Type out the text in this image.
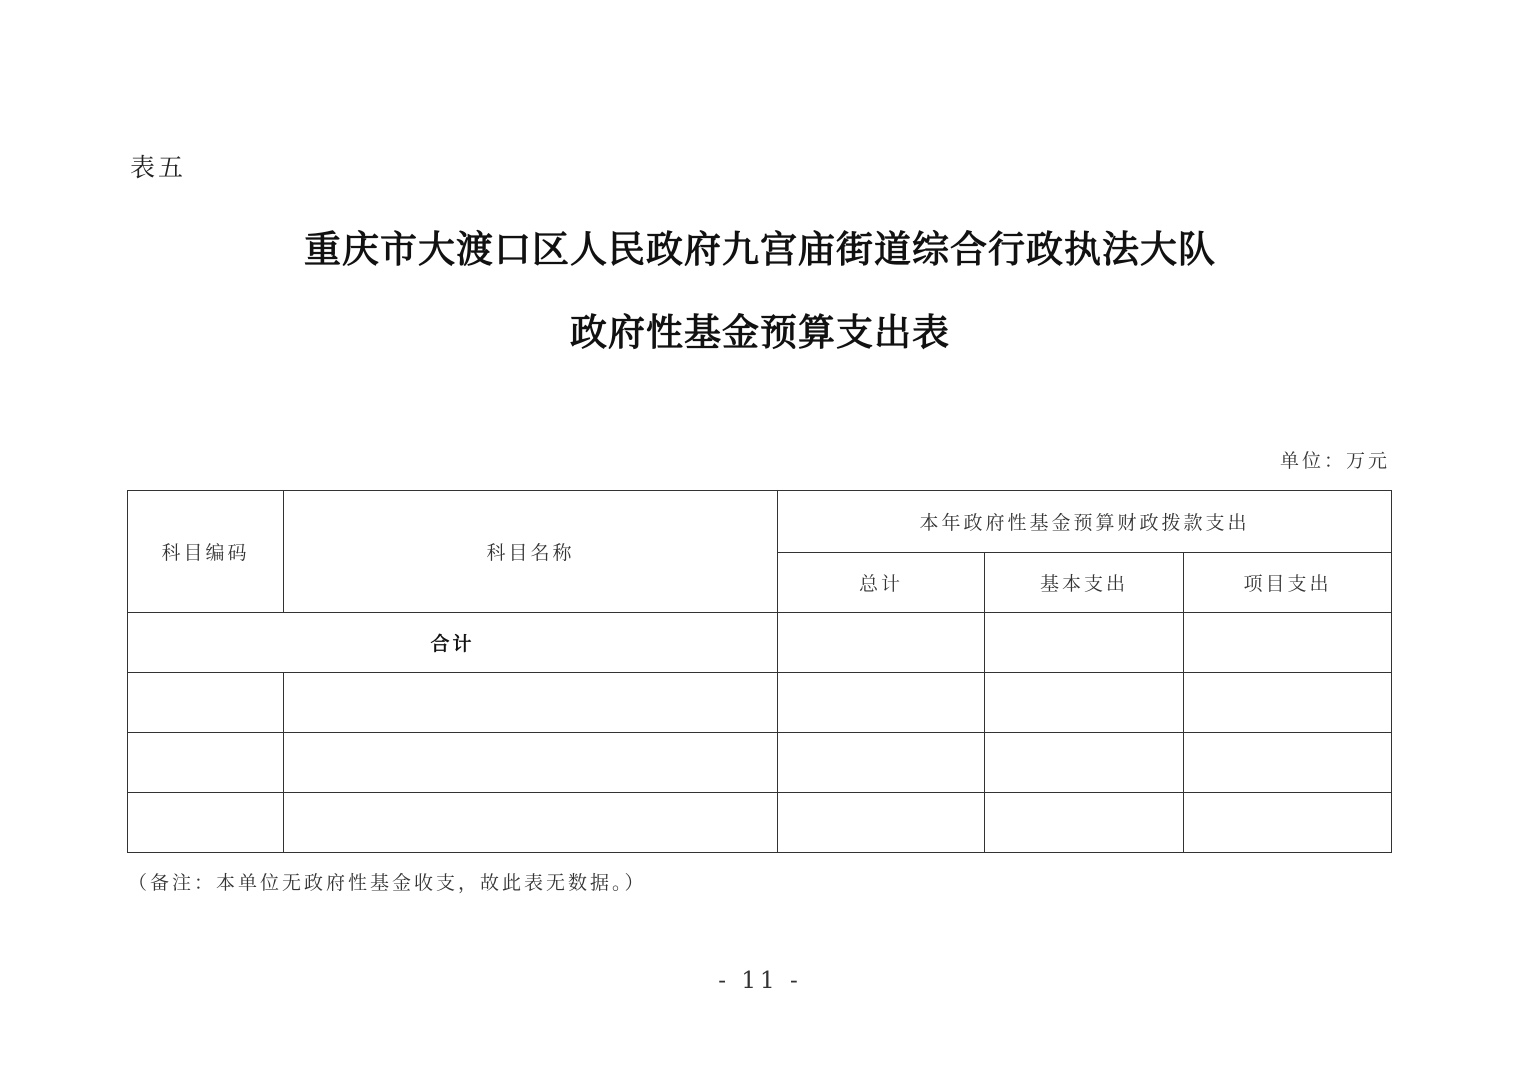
表五
重庆市大渡口区人民政府九宫庙街道综合行政执法大队
政府性基金预算支出表
单位：万元
科目编码	科目名称	本年政府性基金预算财政拨款支出		
		总计	基本支出	项目支出
合计				

（备注：本单位无政府性基金收支，故此表无数据。）
- 11 -
